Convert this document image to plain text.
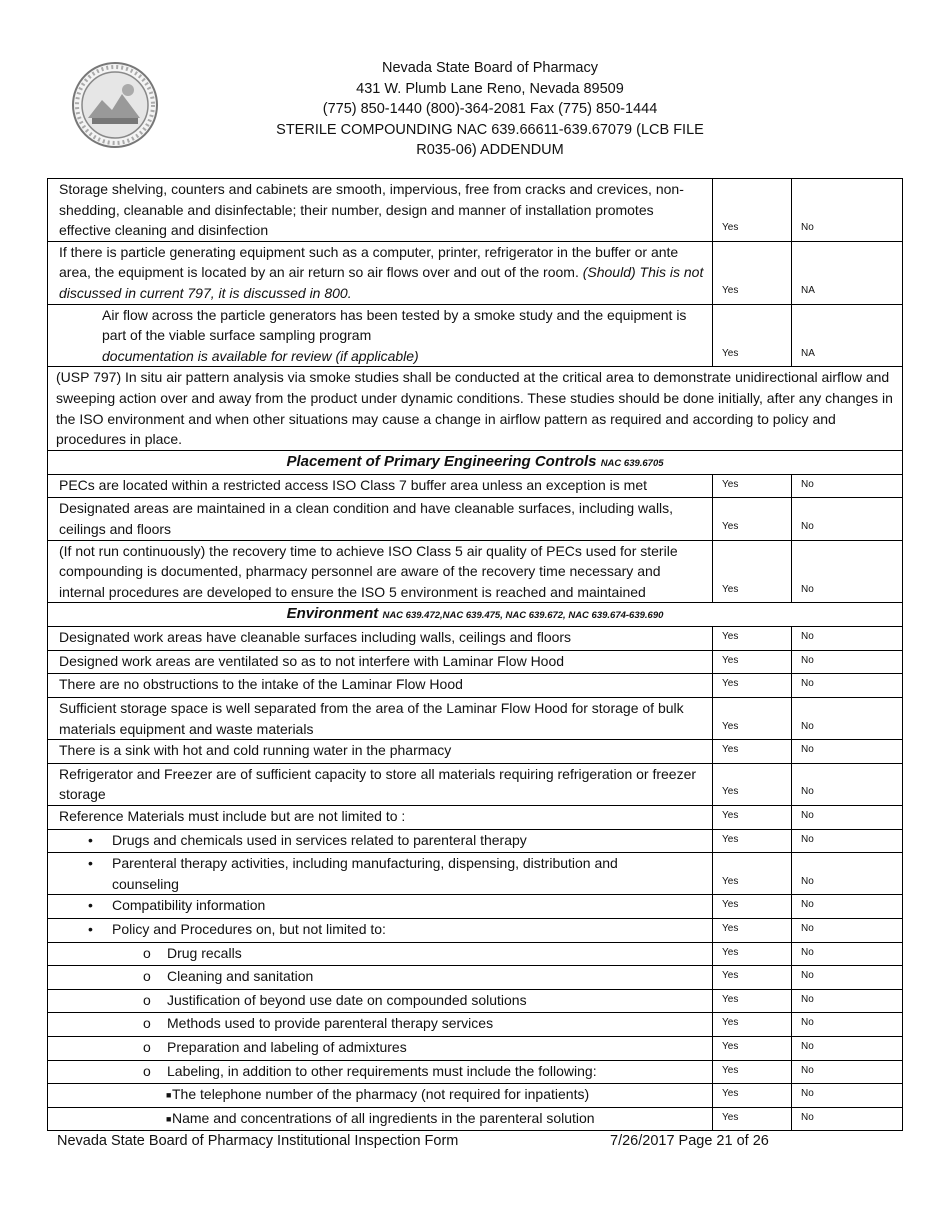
Nevada State Board of Pharmacy
431 W. Plumb Lane Reno, Nevada 89509
(775) 850-1440 (800)-364-2081 Fax (775) 850-1444
STERILE COMPOUNDING NAC 639.66611-639.67079 (LCB FILE
R035-06) ADDENDUM
Storage shelving, counters and cabinets are smooth, impervious, free from cracks and crevices, non-shedding, cleanable and disinfectable; their number, design and manner of installation promotes effective cleaning and disinfection	Yes	No
If there is particle generating equipment such as a computer, printer, refrigerator in the buffer or ante area, the equipment is located by an air return so air flows over and out of the room. (Should) This is not discussed in current 797, it is discussed in 800.	Yes	NA
Air flow across the particle generators has been tested by a smoke study and the equipment is part of the viable surface sampling program
documentation is available for review (if applicable)	Yes	NA
(USP 797) In situ air pattern analysis via smoke studies shall be conducted at the critical area to demonstrate unidirectional airflow and sweeping action over and away from the product under dynamic conditions. These studies should be done initially, after any changes in the ISO environment and when other situations may cause a change in airflow pattern as required and according to policy and procedures in place.		
Placement of Primary Engineering Controls NAC 639.6705		
PECs are located within a restricted access ISO Class 7 buffer area unless an exception is met	Yes	No
Designated areas are maintained in a clean condition and have cleanable surfaces, including walls, ceilings and floors	Yes	No
(If not run continuously) the recovery time to achieve ISO Class 5 air quality of PECs used for sterile compounding is documented, pharmacy personnel are aware of the recovery time necessary and internal procedures are developed to ensure the ISO 5 environment is reached and maintained	Yes	No
Environment NAC 639.472,NAC 639.475, NAC 639.672, NAC 639.674-639.690		
Designated work areas have cleanable surfaces including walls, ceilings and floors	Yes	No
Designed work areas are ventilated so as to not interfere with Laminar Flow Hood	Yes	No
There are no obstructions to the intake of the Laminar Flow Hood	Yes	No
Sufficient storage space is well separated from the area of the Laminar Flow Hood for storage of bulk materials equipment and waste materials	Yes	No
There is a sink with hot and cold running water in the pharmacy	Yes	No
Refrigerator and Freezer are of sufficient capacity to store all materials requiring refrigeration or freezer storage	Yes	No
Reference Materials must include but are not limited to :	Yes	No
• Drugs and chemicals used in services related to parenteral therapy	Yes	No
• Parenteral therapy activities, including manufacturing, dispensing, distribution and counseling	Yes	No
• Compatibility information	Yes	No
• Policy and Procedures on, but not limited to:	Yes	No
o Drug recalls	Yes	No
o Cleaning and sanitation	Yes	No
o Justification of beyond use date on compounded solutions	Yes	No
o Methods used to provide parenteral therapy services	Yes	No
o Preparation and labeling of admixtures	Yes	No
o Labeling, in addition to other requirements must include the following:	Yes	No
■The telephone number of the pharmacy (not required for inpatients)	Yes	No
■Name and concentrations of all ingredients in the parenteral solution	Yes	No
Nevada State Board of Pharmacy Institutional Inspection Form	7/26/2017 Page 21 of 26
